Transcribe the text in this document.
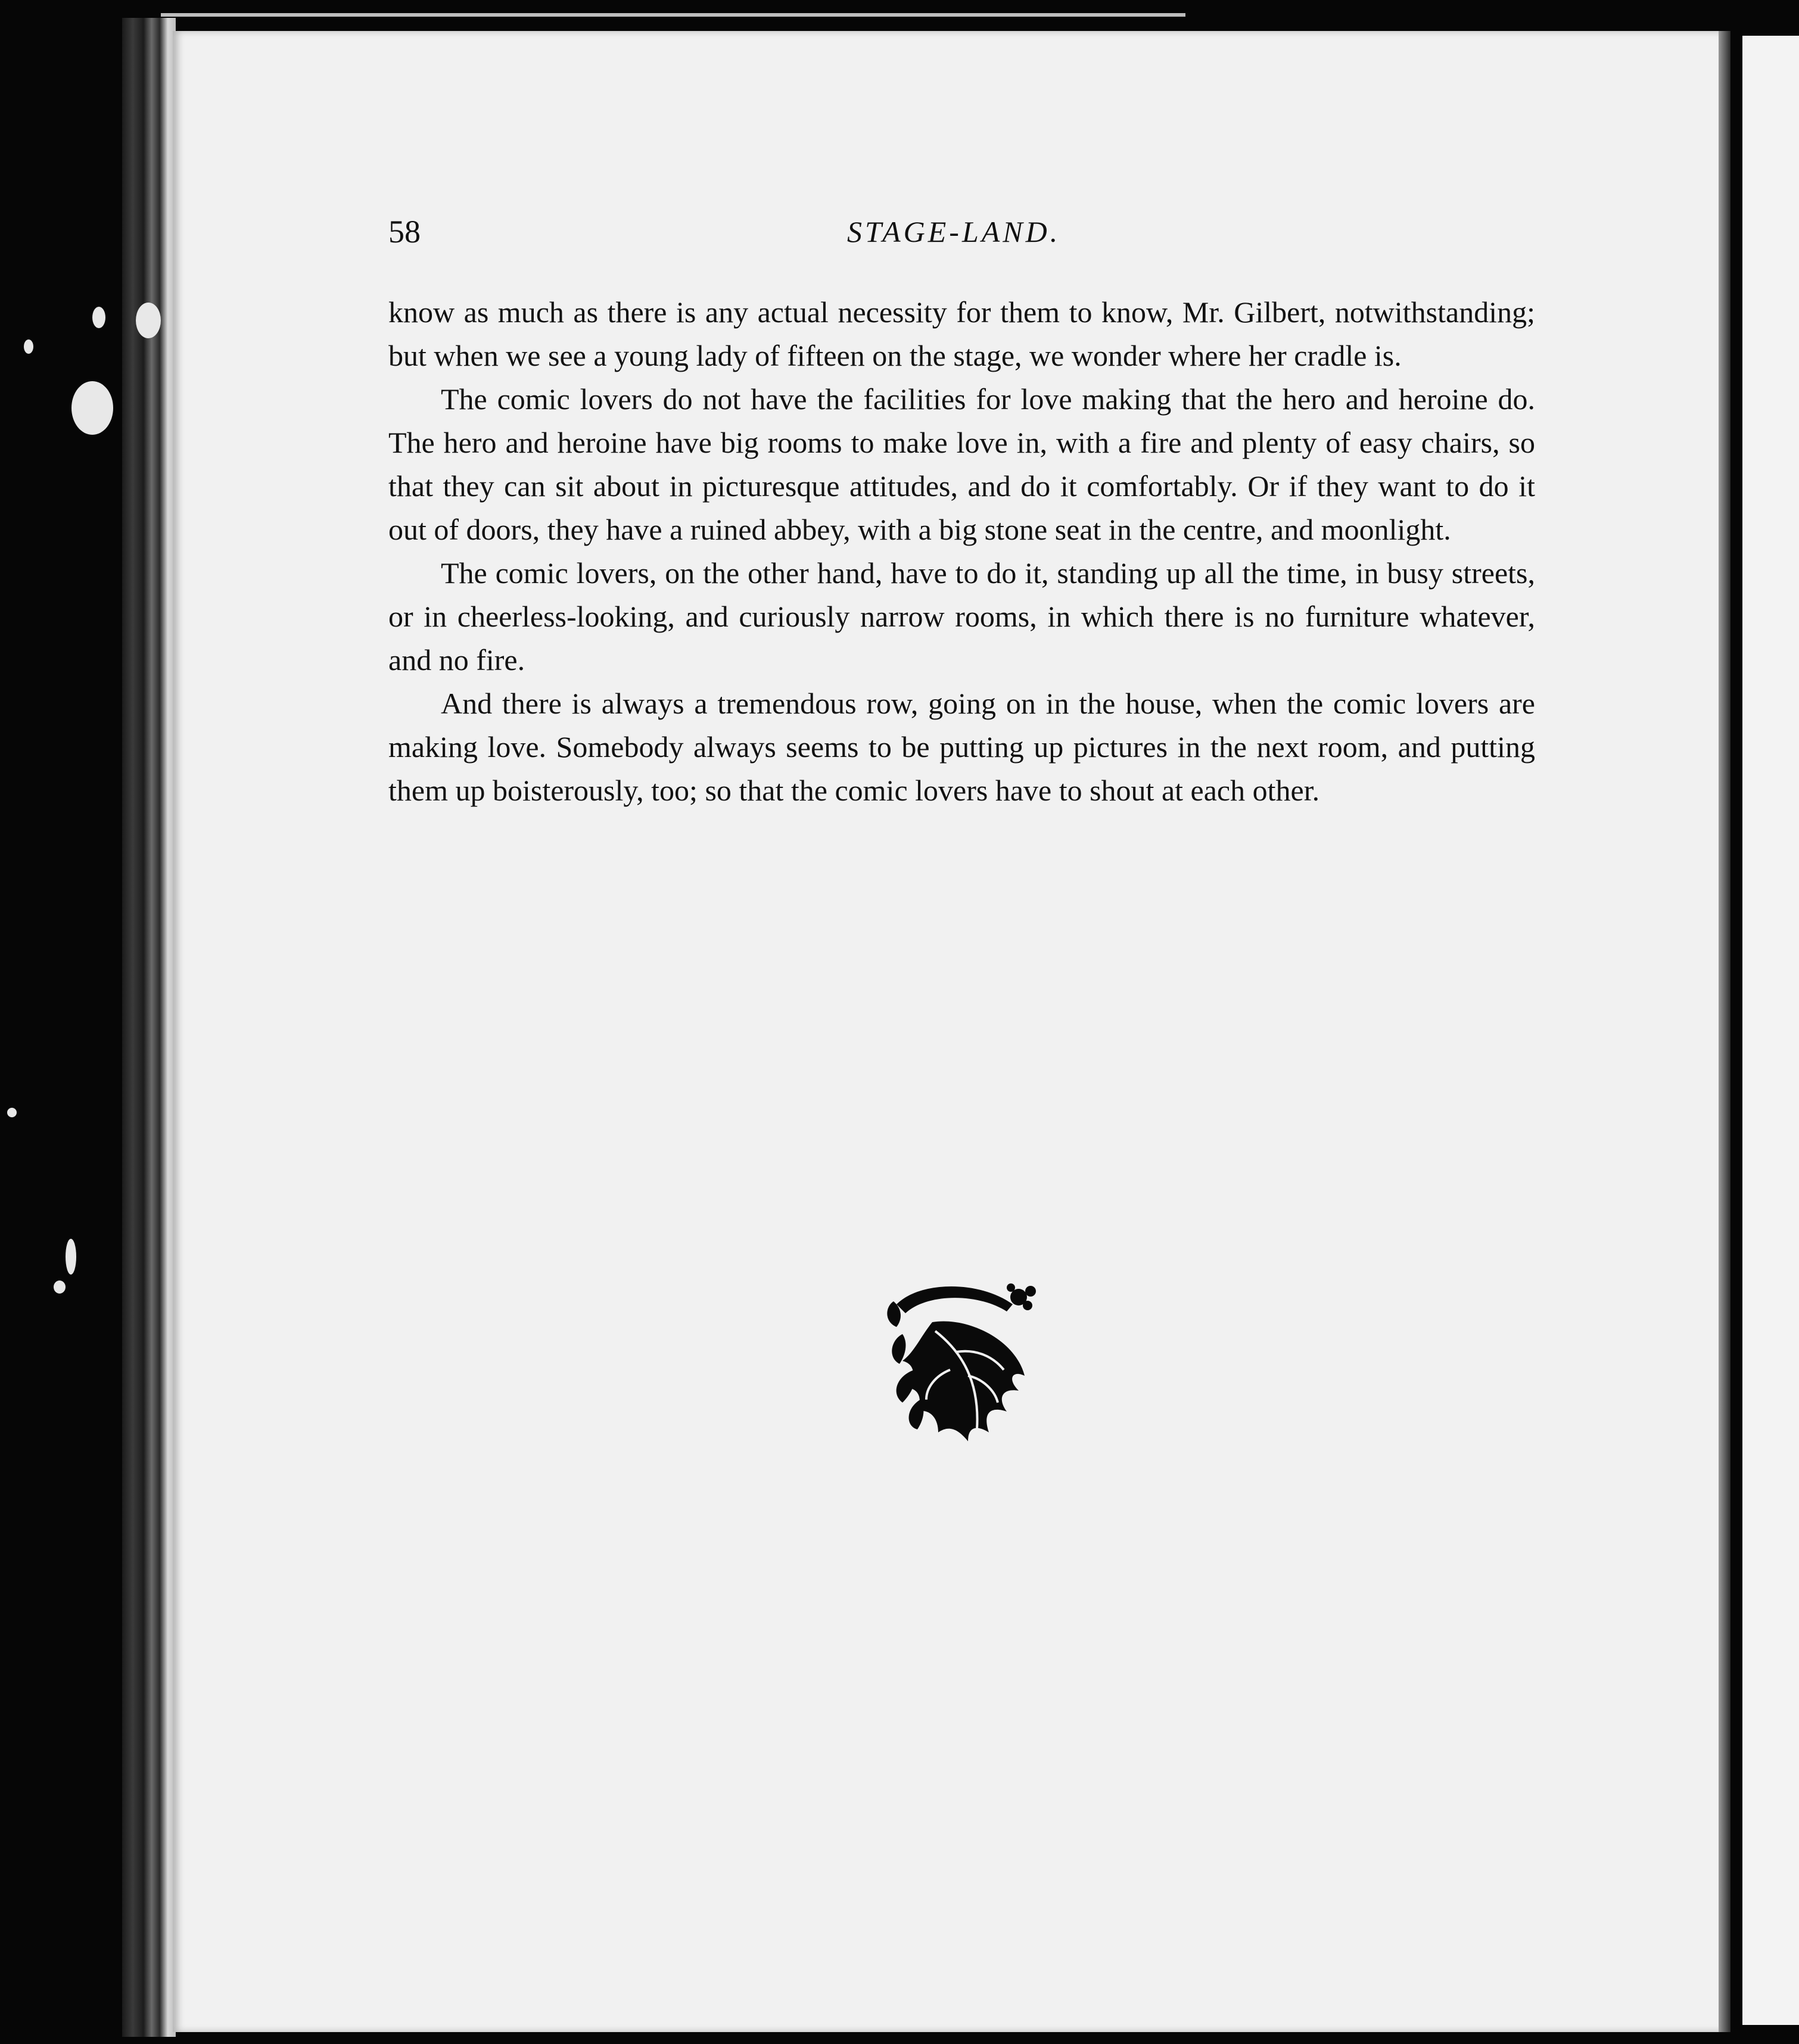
58	STAGE-LAND.

know as much as there is any actual necessity for them to know, Mr. Gilbert, notwithstanding; but when we see a young lady of fifteen on the stage, we wonder where her cradle is.

The comic lovers do not have the facilities for love making that the hero and heroine do. The hero and heroine have big rooms to make love in, with a fire and plenty of easy chairs, so that they can sit about in picturesque attitudes, and do it comfortably. Or if they want to do it out of doors, they have a ruined abbey, with a big stone seat in the centre, and moonlight.

The comic lovers, on the other hand, have to do it, standing up all the time, in busy streets, or in cheerless-looking, and curiously narrow rooms, in which there is no furniture whatever, and no fire.

And there is always a tremendous row, going on in the house, when the comic lovers are making love. Somebody always seems to be putting up pictures in the next room, and putting them up boisterously, too; so that the comic lovers have to shout at each other.
